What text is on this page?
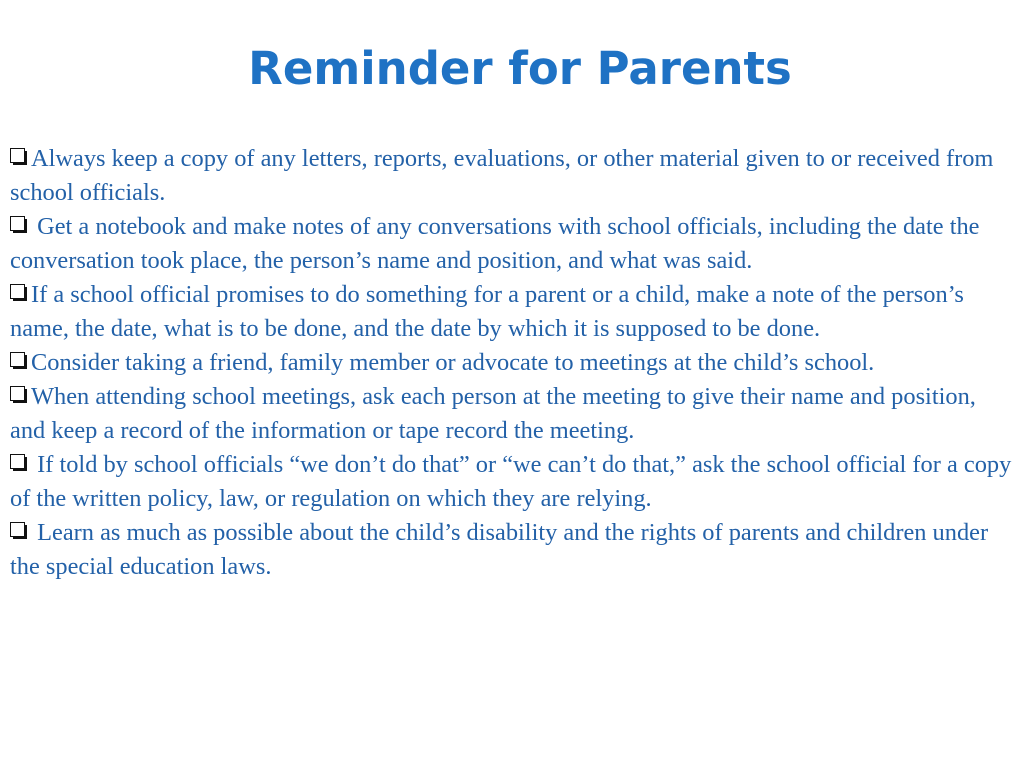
Reminder for Parents
Always keep a copy of any letters, reports, evaluations, or other material given to or received from school officials.
Get a notebook and make notes of any conversations with school officials, including the date the conversation took place, the person’s name and position, and what was said.
If a school official promises to do something for a parent or a child, make a note of the person’s name, the date, what is to be done, and the date by which it is supposed to be done.
Consider taking a friend, family member or advocate to meetings at the child’s school.
When attending school meetings, ask each person at the meeting to give their name and position, and keep a record of the information or tape record the meeting.
If told by school officials “we don’t do that” or “we can’t do that,” ask the school official for a copy of the written policy, law, or regulation on which they are relying.
Learn as much as possible about the child’s disability and the rights of parents and children under the special education laws.
